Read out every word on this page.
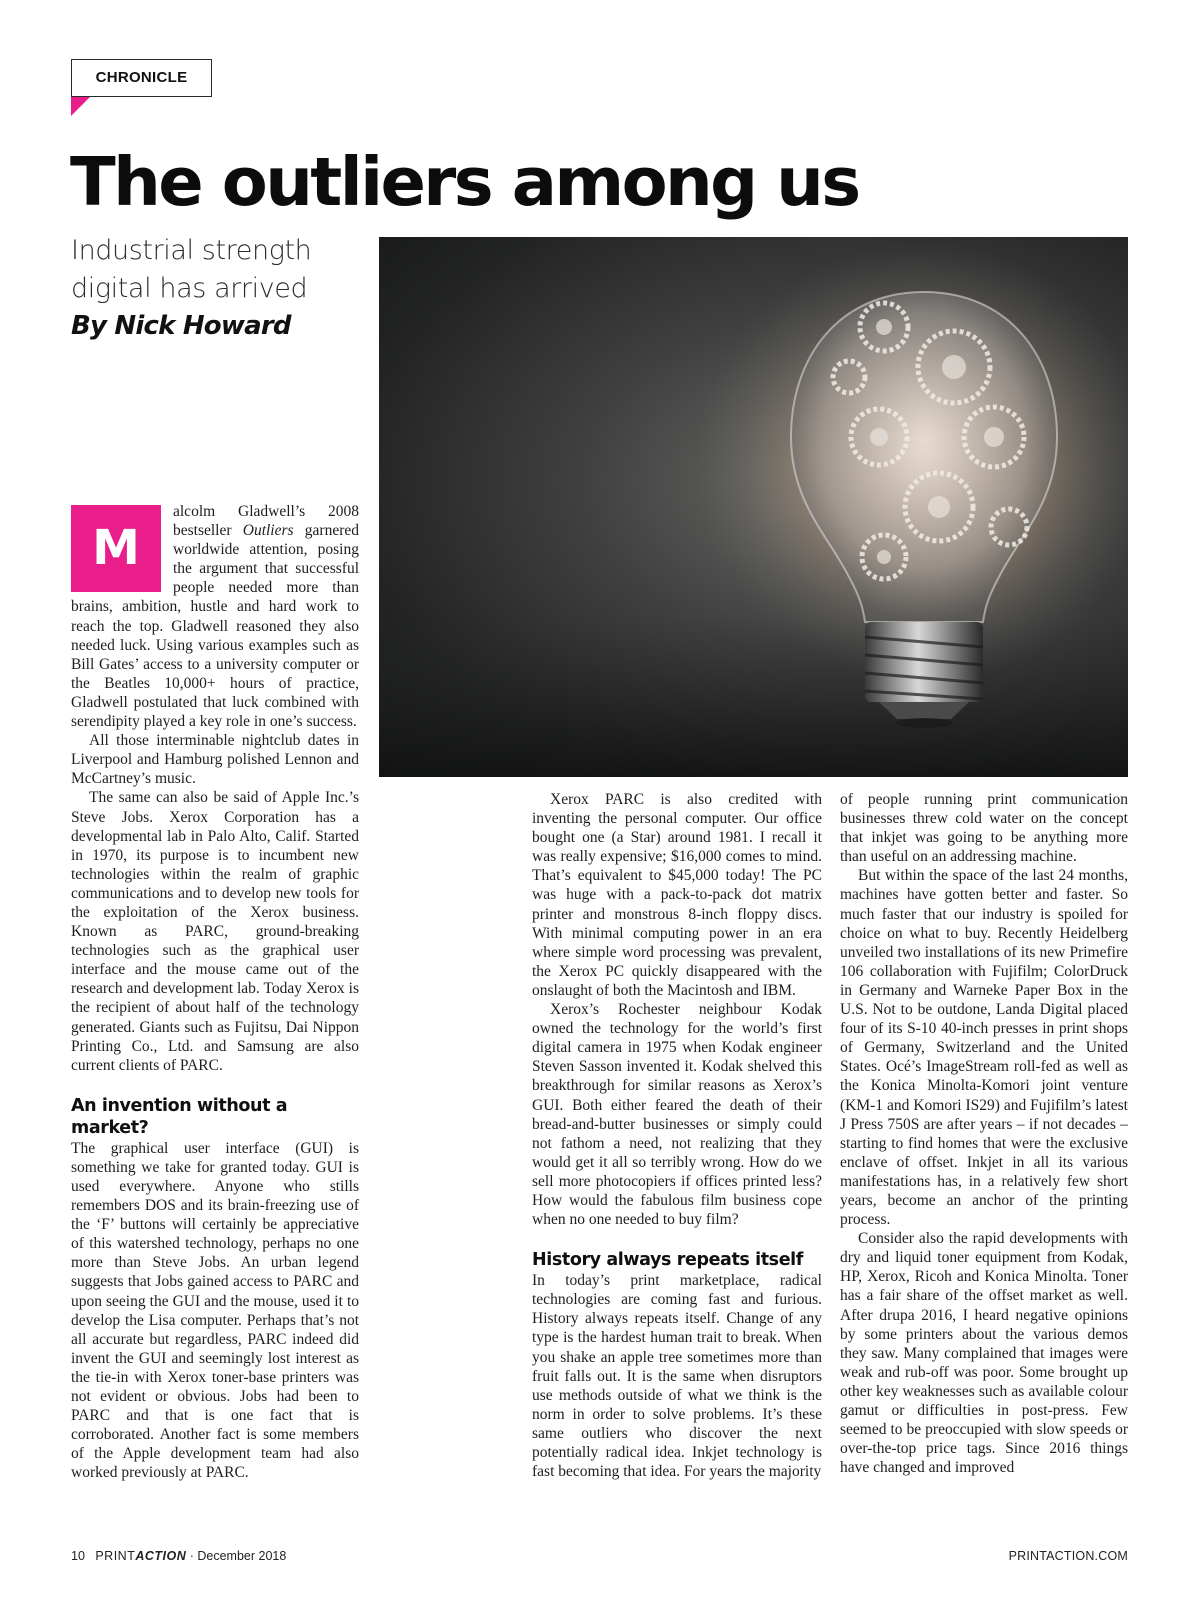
CHRONICLE
The outliers among us
Industrial strength digital has arrived
By Nick Howard

M
alcolm Gladwell’s 2008 bestseller Outliers garnered worldwide attention, posing the argument that successful people needed more than brains, ambition, hustle and hard work to reach the top. Gladwell reasoned they also needed luck. Using various examples such as Bill Gates’ access to a university computer or the Beatles 10,000+ hours of practice, Gladwell postulated that luck combined with serendipity played a key role in one’s success.

All those interminable nightclub dates in Liverpool and Hamburg polished Lennon and McCartney’s music.

The same can also be said of Apple Inc.’s Steve Jobs. Xerox Corporation has a developmental lab in Palo Alto, Calif. Started in 1970, its purpose is to incumbent new technologies within the realm of graphic communications and to develop new tools for the exploitation of the Xerox business. Known as PARC, ground-breaking technologies such as the graphical user interface and the mouse came out of the research and development lab. Today Xerox is the recipient of about half of the technology generated. Giants such as Fujitsu, Dai Nippon Printing Co., Ltd. and Samsung are also current clients of PARC.

An invention without a market?

The graphical user interface (GUI) is something we take for granted today. GUI is used everywhere. Anyone who stills remembers DOS and its brain-freezing use of the ‘F’ buttons will certainly be appreciative of this watershed technology, perhaps no one more than Steve Jobs. An urban legend suggests that Jobs gained access to PARC and upon seeing the GUI and the mouse, used it to develop the Lisa computer. Perhaps that’s not all accurate but regardless, PARC indeed did invent the GUI and seemingly lost interest as the tie-in with Xerox toner-base printers was not evident or obvious. Jobs had been to PARC and that is one fact that is corroborated. Another fact is some members of the Apple development team had also worked previously at PARC.

Xerox PARC is also credited with inventing the personal computer. Our office bought one (a Star) around 1981. I recall it was really expensive; $16,000 comes to mind. That’s equivalent to $45,000 today! The PC was huge with a pack-to-pack dot matrix printer and monstrous 8-inch floppy discs. With minimal computing power in an era where simple word processing was prevalent, the Xerox PC quickly disappeared with the onslaught of both the Macintosh and IBM.

Xerox’s Rochester neighbour Kodak owned the technology for the world’s first digital camera in 1975 when Kodak engineer Steven Sasson invented it. Kodak shelved this breakthrough for similar reasons as Xerox’s GUI. Both either feared the death of their bread-and-butter businesses or simply could not fathom a need, not realizing that they would get it all so terribly wrong. How do we sell more photocopiers if offices printed less? How would the fabulous film business cope when no one needed to buy film?

History always repeats itself

In today’s print marketplace, radical technologies are coming fast and furious. History always repeats itself. Change of any type is the hardest human trait to break. When you shake an apple tree sometimes more than fruit falls out. It is the same when disruptors use methods outside of what we think is the norm in order to solve problems. It’s these same outliers who discover the next potentially radical idea. Inkjet technology is fast becoming that idea. For years the majority

of people running print communication businesses threw cold water on the concept that inkjet was going to be anything more than useful on an addressing machine.

But within the space of the last 24 months, machines have gotten better and faster. So much faster that our industry is spoiled for choice on what to buy. Recently Heidelberg unveiled two installations of its new Primefire 106 collaboration with Fujifilm; ColorDruck in Germany and Warneke Paper Box in the U.S. Not to be outdone, Landa Digital placed four of its S-10 40-inch presses in print shops of Germany, Switzerland and the United States. Océ’s ImageStream roll-fed as well as the Konica Minolta-Komori joint venture (KM-1 and Komori IS29) and Fujifilm’s latest J Press 750S are after years – if not decades – starting to find homes that were the exclusive enclave of offset. Inkjet in all its various manifestations has, in a relatively few short years, become an anchor of the printing process.

Consider also the rapid developments with dry and liquid toner equipment from Kodak, HP, Xerox, Ricoh and Konica Minolta. Toner has a fair share of the offset market as well. After drupa 2016, I heard negative opinions by some printers about the various demos they saw. Many complained that images were weak and rub-off was poor. Some brought up other key weaknesses such as available colour gamut or difficulties in post-press. Few seemed to be preoccupied with slow speeds or over-the-top price tags. Since 2016 things have changed and improved

10 PRINTACTION · December 2018	PRINTACTION.COM
